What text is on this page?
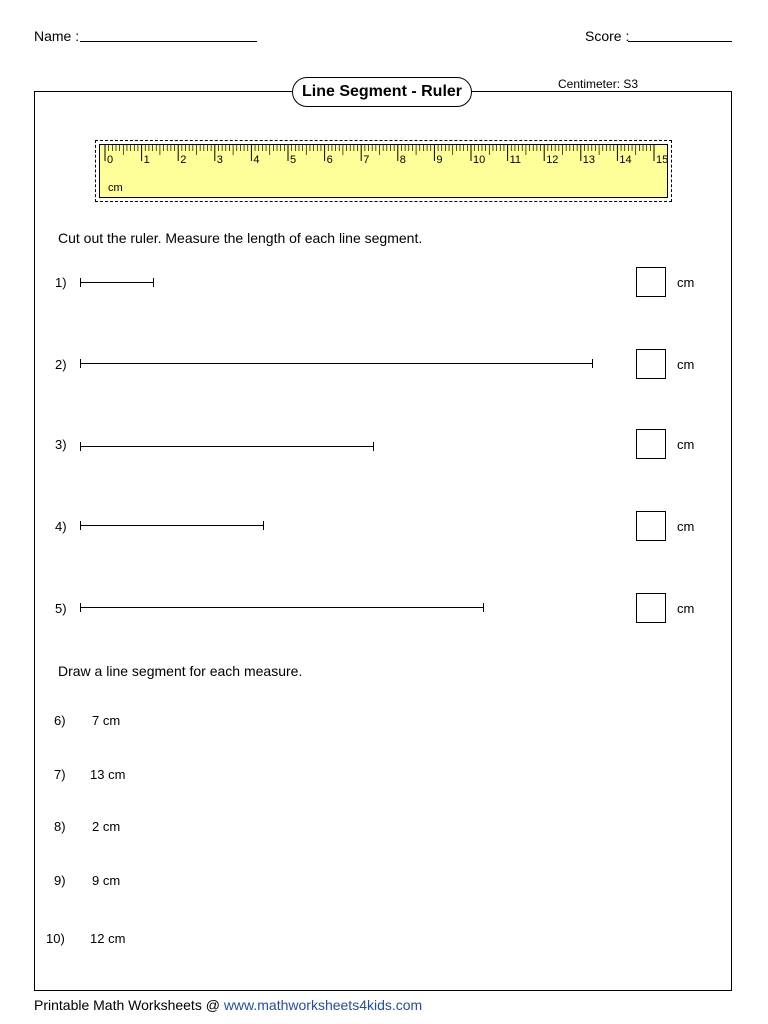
Name :	Score :
Centimeter: S3
Line Segment - Ruler
0	1	2	3	4	5	6	7	8	9	10 11 12 13 14 15
cm
Cut out the ruler. Measure the length of each line segment.
1)	cm
2)	cm
3)	cm
4)	cm
5)	cm
Draw a line segment for each measure.
6) 7 cm
7) 13 cm
8) 2 cm
9) 9 cm
10) 12 cm
Printable Math Worksheets @ www.mathworksheets4kids.com
